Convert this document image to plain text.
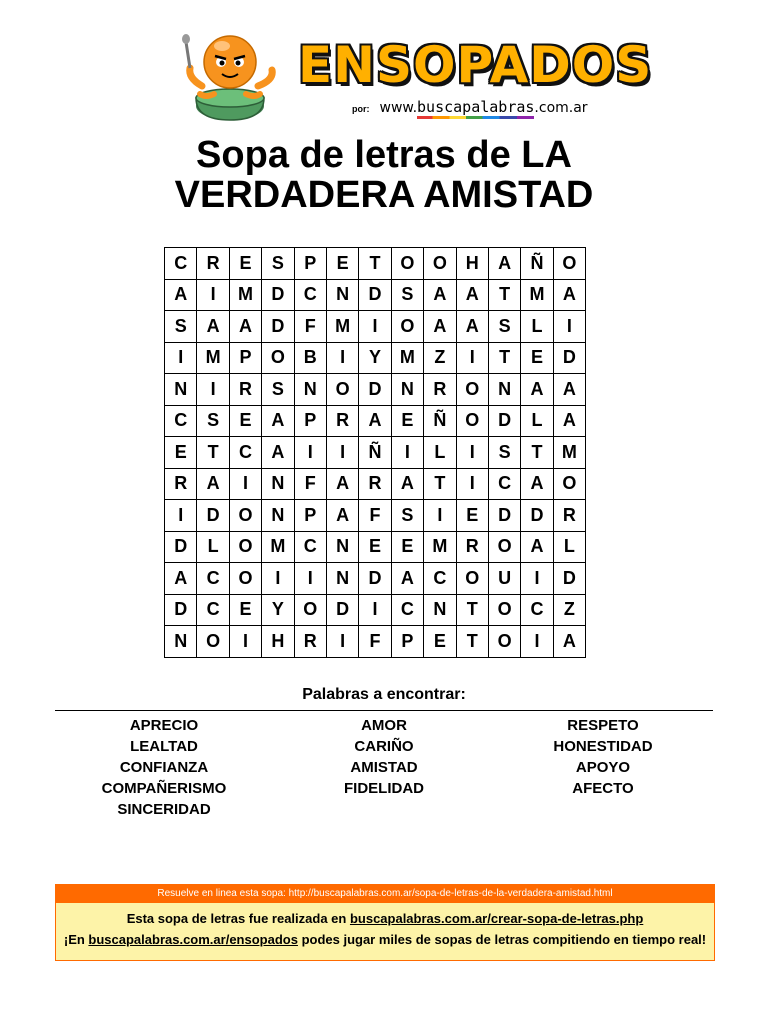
ENSOPADOS
por: www.buscapalabras.com.ar
Sopa de letras de LA
VERDADERA AMISTAD
C	R	E	S	P	E	T	O	O	H	A	Ñ	O
A	I	M	D	C	N	D	S	A	A	T	M	A
S	A	A	D	F	M	I	O	A	A	S	L	I
I	M	P	O	B	I	Y	M	Z	I	T	E	D
N	I	R	S	N	O	D	N	R	O	N	A	A
C	S	E	A	P	R	A	E	Ñ	O	D	L	A
E	T	C	A	I	I	Ñ	I	L	I	S	T	M
R	A	I	N	F	A	R	A	T	I	C	A	O
I	D	O	N	P	A	F	S	I	E	D	D	R
D	L	O	M	C	N	E	E	M	R	O	A	L
A	C	O	I	I	N	D	A	C	O	U	I	D
D	C	E	Y	O	D	I	C	N	T	O	C	Z
N	O	I	H	R	I	F	P	E	T	O	I	A
Palabras a encontrar:
APRECIO
LEALTAD
CONFIANZA
COMPAÑERISMO
SINCERIDAD
AMOR
CARIÑO
AMISTAD
FIDELIDAD
RESPETO
HONESTIDAD
APOYO
AFECTO
Resuelve en linea esta sopa: http://buscapalabras.com.ar/sopa-de-letras-de-la-verdadera-amistad.html
Esta sopa de letras fue realizada en buscapalabras.com.ar/crear-sopa-de-letras.php
¡En buscapalabras.com.ar/ensopados podes jugar miles de sopas de letras compitiendo en tiempo real!
